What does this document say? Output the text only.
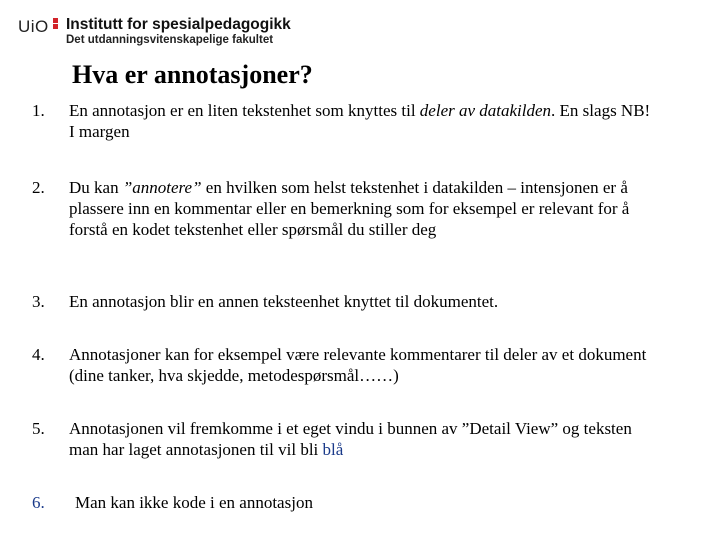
UiO Institutt for spesialpedagogikk
Det utdanningsvitenskapelige fakultet
Hva er annotasjoner?
1. En annotasjon er en liten tekstenhet som knyttes til deler av datakilden. En slags NB! I margen
2. Du kan ”annotere” en hvilken som helst tekstenhet i datakilden – intensjonen er å plassere inn en kommentar eller en bemerkning som for eksempel er relevant for å forstå en kodet tekstenhet eller spørsmål du stiller deg
3. En annotasjon blir en annen teksteenhet knyttet til dokumentet.
4. Annotasjoner kan for eksempel være relevante kommentarer til deler av et dokument (dine tanker, hva skjedde, metodespørsmål……)
5. Annotasjonen vil fremkomme i et eget vindu i bunnen av ”Detail View” og teksten man har laget annotasjonen til vil bli blå
6. Man kan ikke kode i en annotasjon
